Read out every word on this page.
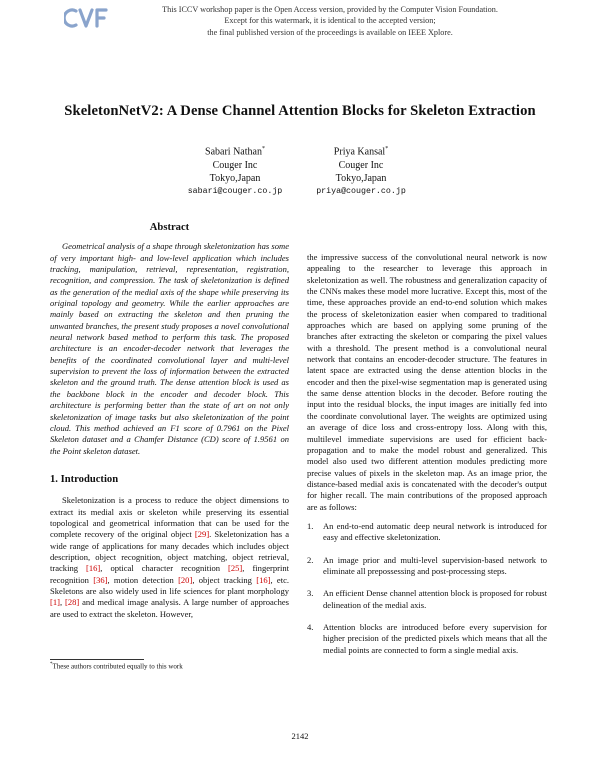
This ICCV workshop paper is the Open Access version, provided by the Computer Vision Foundation.
Except for this watermark, it is identical to the accepted version;
the final published version of the proceedings is available on IEEE Xplore.
SkeletonNetV2: A Dense Channel Attention Blocks for Skeleton Extraction
Sabari Nathan*
Couger Inc
Tokyo,Japan
sabari@couger.co.jp
Priya Kansal*
Couger Inc
Tokyo,Japan
priya@couger.co.jp
Abstract

Geometrical analysis of a shape through skeletonization has some of very important high- and low-level application which includes tracking, manipulation, retrieval, representation, registration, recognition, and compression. The task of skeletonization is defined as the generation of the medial axis of the shape while preserving its original topology and geometry. While the earlier approaches are mainly based on extracting the skeleton and then pruning the unwanted branches, the present study proposes a novel convolutional neural network based method to perform this task. The proposed architecture is an encoder-decoder network that leverages the benefits of the coordinated convolutional layer and multi-level supervision to prevent the loss of information between the extracted skeleton and the ground truth. The dense attention block is used as the backbone block in the encoder and decoder block. This architecture is performing better than the state of art on not only skeletonization of image tasks but also skeletonization of the point cloud. This method achieved an F1 score of 0.7961 on the Pixel Skeleton dataset and a Chamfer Distance (CD) score of 1.9561 on the Point skeleton dataset.

1. Introduction

Skeletonization is a process to reduce the object dimensions to extract its medial axis or skeleton while preserving its essential topological and geometrical information that can be used for the complete recovery of the original object [29]. Skeletonization has a wide range of applications for many decades which includes object description, object recognition, object matching, object retrieval, tracking [16], optical character recognition [25], fingerprint recognition [36], motion detection [20], object tracking [16], etc. Skeletons are also widely used in life sciences for plant morphology [1], [28] and medical image analysis. A large number of approaches are used to extract the skeleton. However,

the impressive success of the convolutional neural network is now appealing to the researcher to leverage this approach in skeletonization as well. The robustness and generalization capacity of the CNNs makes these model more lucrative. Except this, most of the time, these approaches provide an end-to-end solution which makes the process of skeletonization easier when compared to traditional approaches which are based on applying some pruning of the branches after extracting the skeleton or comparing the pixel values with a threshold. The present method is a convolutional neural network that contains an encoder-decoder structure. The features in latent space are extracted using the dense attention blocks in the encoder and then the pixel-wise segmentation map is generated using the same dense attention blocks in the decoder. Before routing the input into the residual blocks, the input images are initially fed into the coordinate convolutional layer. The weights are optimized using an average of dice loss and cross-entropy loss. Along with this, multilevel immediate supervisions are used for efficient back-propagation and to make the model robust and generalized. This model also used two different attention modules predicting more precise values of pixels in the skeleton map. As an image prior, the distance-based medial axis is concatenated with the decoder's output for higher recall. The main contributions of the proposed approach are as follows:

1. An end-to-end automatic deep neural network is introduced for easy and effective skeletonization.
2. An image prior and multi-level supervision-based network to eliminate all prepossessing and post-processing steps.
3. An efficient Dense channel attention block is proposed for robust delineation of the medial axis.
4. Attention blocks are introduced before every supervision for higher precision of the predicted pixels which means that all the medial points are connected to form a single medial axis.
*These authors contributed equally to this work
2142
